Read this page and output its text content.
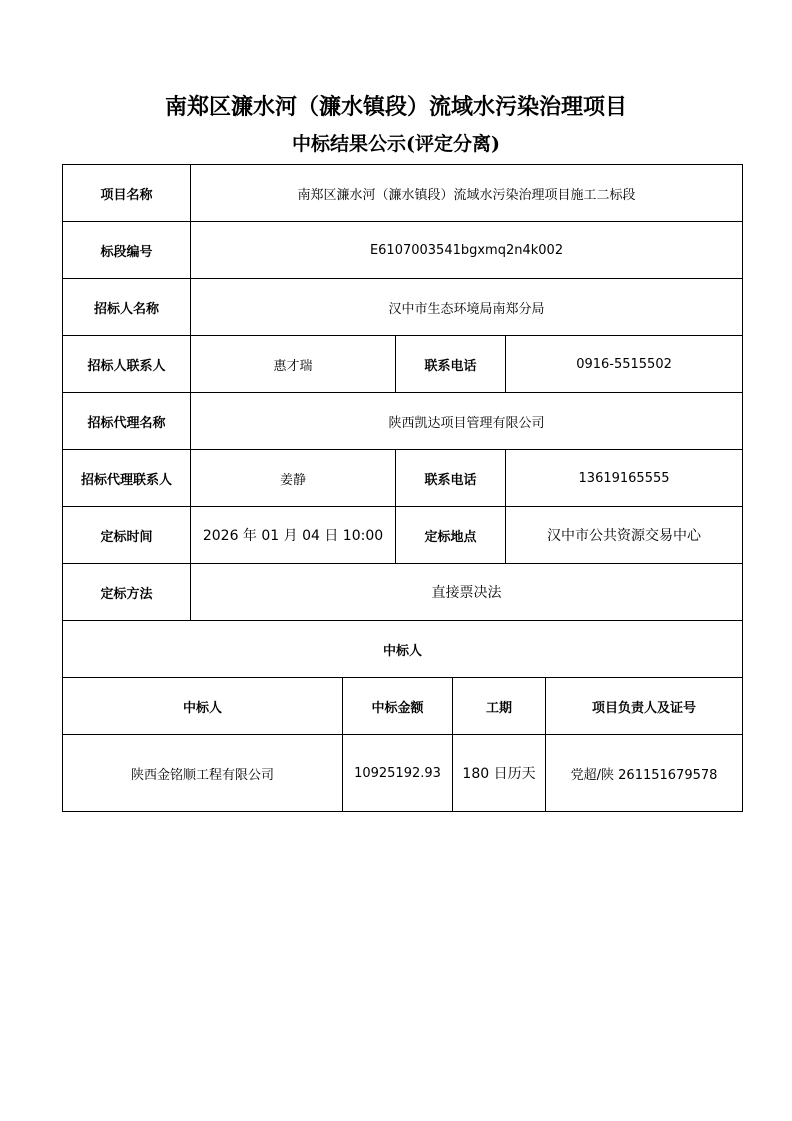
南郑区濂水河（濂水镇段）流域水污染治理项目
中标结果公示(评定分离)
项目名称	南郑区濂水河（濂水镇段）流域水污染治理项目施工二标段					
标段编号	E6107003541bgxmq2n4k002					
招标人名称	汉中市生态环境局南郑分局					
招标人联系人	惠才瑞		联系电话		0916-5515502	
招标代理名称	陕西凯达项目管理有限公司					
招标代理联系人	姜静		联系电话		13619165555	
定标时间	2026 年 01 月 04 日 10:00		定标地点		汉中市公共资源交易中心	
定标方法	直接票决法					
中标人						
中标人		中标金额		工期		项目负责人及证号
陕西金铭顺工程有限公司		10925192.93		180 日历天		党超/陕 261151679578
